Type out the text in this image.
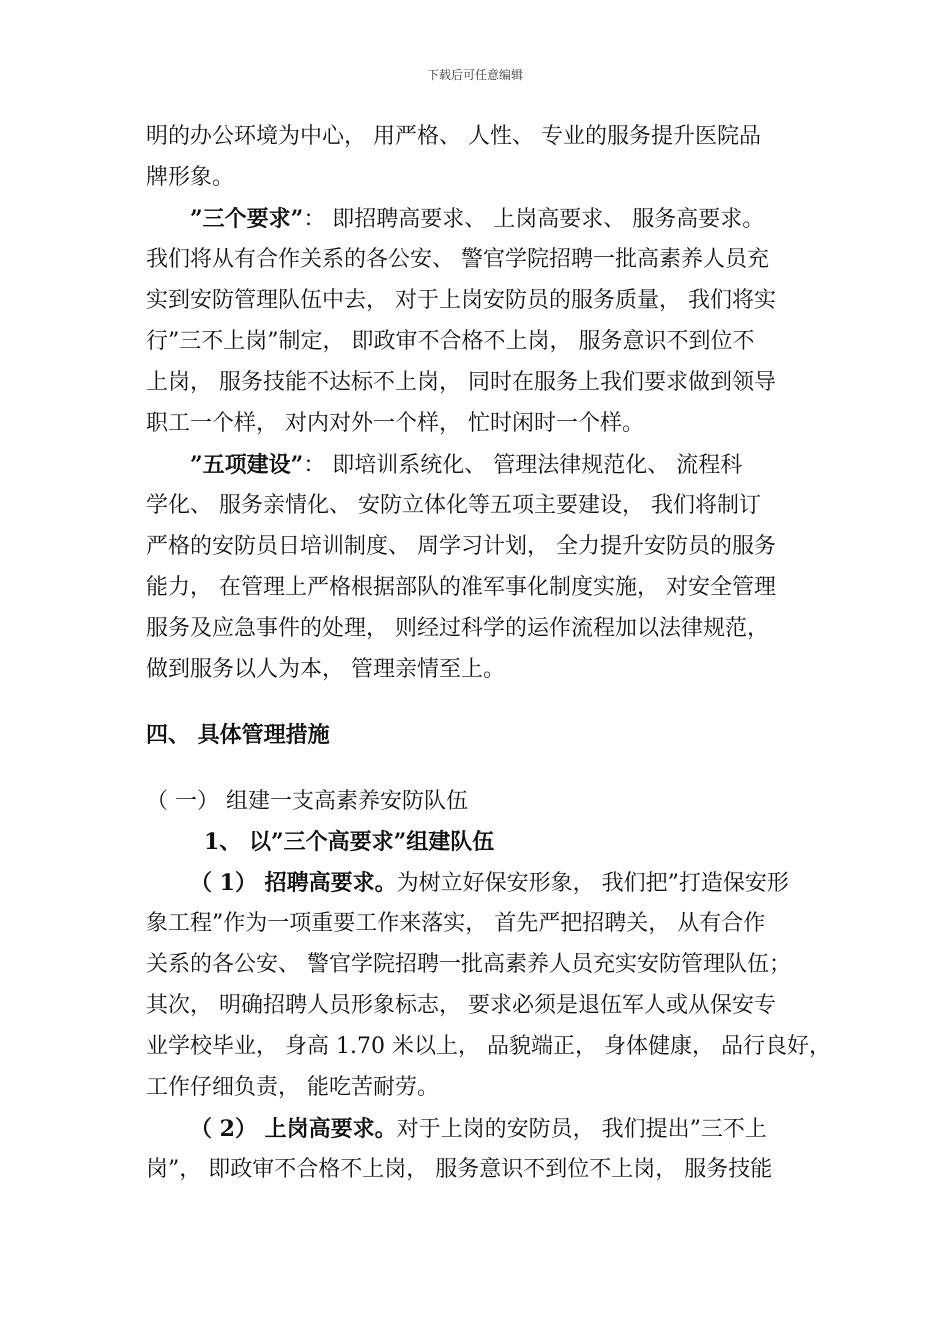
下载后可任意编辑
明的办公环境为中心， 用严格、 人性、 专业的服务提升医院品
牌形象。
”三个要求”： 即招聘高要求、 上岗高要求、 服务高要求。
我们将从有合作关系的各公安、 警官学院招聘一批高素养人员充
实到安防管理队伍中去， 对于上岗安防员的服务质量， 我们将实
行”三不上岗”制定， 即政审不合格不上岗， 服务意识不到位不
上岗， 服务技能不达标不上岗， 同时在服务上我们要求做到领导
职工一个样， 对内对外一个样， 忙时闲时一个样。
”五项建设”： 即培训系统化、 管理法律规范化、 流程科
学化、 服务亲情化、 安防立体化等五项主要建设， 我们将制订
严格的安防员日培训制度、 周学习计划， 全力提升安防员的服务
能力， 在管理上严格根据部队的准军事化制度实施， 对安全管理
服务及应急事件的处理， 则经过科学的运作流程加以法律规范，
做到服务以人为本， 管理亲情至上。
四、 具体管理措施
（ 一） 组建一支高素养安防队伍
1、 以”三个高要求”组建队伍
（ 1） 招聘高要求。为树立好保安形象， 我们把”打造保安形
象工程”作为一项重要工作来落实， 首先严把招聘关， 从有合作
关系的各公安、 警官学院招聘一批高素养人员充实安防管理队伍；
其次， 明确招聘人员形象标志， 要求必须是退伍军人或从保安专
业学校毕业， 身高 1.70 米以上， 品貌端正， 身体健康， 品行良好，
工作仔细负责， 能吃苦耐劳。
（ 2） 上岗高要求。对于上岗的安防员， 我们提出”三不上
岗”， 即政审不合格不上岗， 服务意识不到位不上岗， 服务技能
